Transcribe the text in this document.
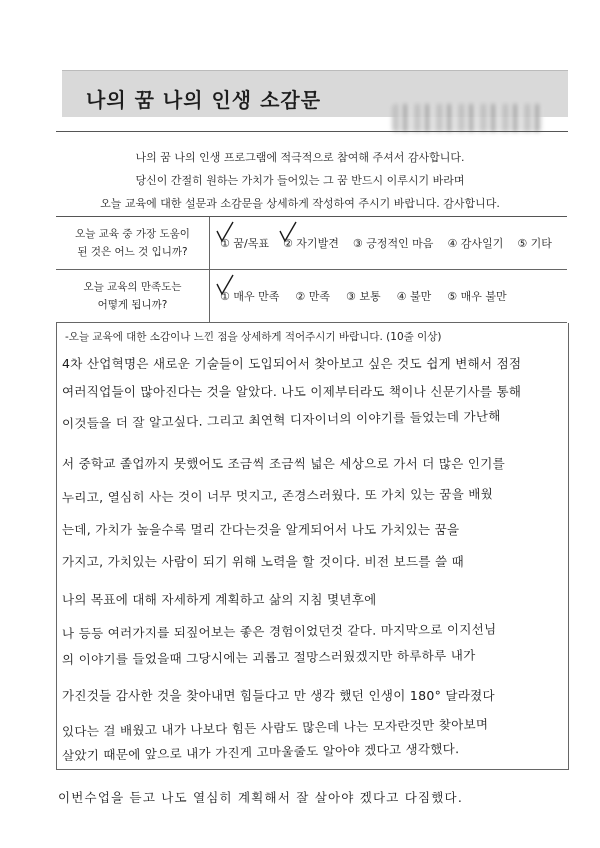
나의 꿈 나의 인생 소감문
나의 꿈 나의 인생 프로그램에 적극적으로 참여해 주셔서 감사합니다.
당신이 간절히 원하는 가치가 들어있는 그 꿈 반드시 이루시기 바라며
오늘 교육에 대한 설문과 소감문을 상세하게 작성하여 주시기 바랍니다. 감사합니다.
오늘 교육 중 가장 도움이
된 것은 어느 것 입니까?
① 꿈/목표 ② 자기발견 ③ 긍정적인 마음 ④ 감사일기 ⑤ 기타
오늘 교육의 만족도는
어떻게 됩니까?
① 매우 만족 ② 만족 ③ 보통 ④ 불만 ⑤ 매우 불만
-오늘 교육에 대한 소감이나 느낀 점을 상세하게 적어주시기 바랍니다. (10줄 이상)
4차 산업혁명은 새로운 기술들이 도입되어서 찾아보고 싶은 것도 쉽게 변해서 점점
여러직업들이 많아진다는 것을 알았다. 나도 이제부터라도 책이나 신문기사를 통해
이것들을 더 잘 알고싶다. 그리고 최연혁 디자이너의 이야기를 들었는데 가난해
서 중학교 졸업까지 못했어도 조금씩 조금씩 넓은 세상으로 가서 더 많은 인기를
누리고, 열심히 사는 것이 너무 멋지고, 존경스러웠다. 또 가치 있는 꿈을 배웠
는데, 가치가 높을수록 멀리 간다는것을 알게되어서 나도 가치있는 꿈을
가지고, 가치있는 사람이 되기 위해 노력을 할 것이다. 비전 보드를 쓸 때
나의 목표에 대해 자세하게 계획하고 삶의 지침 몇년후에
나 등등 여러가지를 되짚어보는 좋은 경험이었던것 같다. 마지막으로 이지선님
의 이야기를 들었을때 그당시에는 괴롭고 절망스러웠겠지만 하루하루 내가
가진것들 감사한 것을 찾아내면 힘들다고 만 생각 했던 인생이 180° 달라졌다
있다는 걸 배웠고 내가 나보다 힘든 사람도 많은데 나는 모자란것만 찾아보며
살았기 때문에 앞으로 내가 가진게 고마울줄도 알아야 겠다고 생각했다.
이번수업을 듣고 나도 열심히 계획해서 잘 살아야 겠다고 다짐했다.
